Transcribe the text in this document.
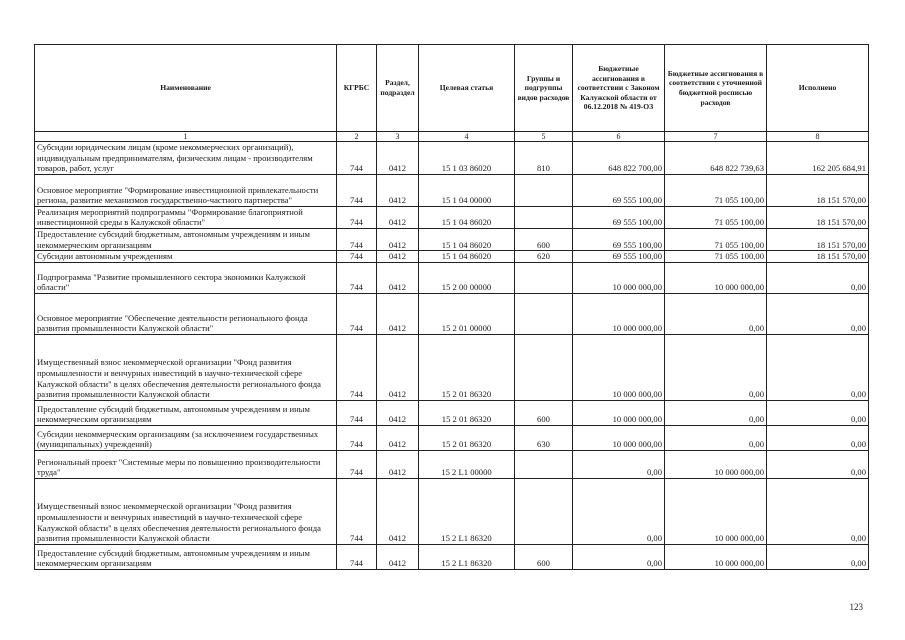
Наименование	КГРБС	Раздел, подраздел	Целевая статья	Группы и подгруппы видов расходов	Бюджетные ассигнования в соответствии с Законом Калужской области от 06.12.2018 № 419-ОЗ	Бюджетные ассигнования в соответствии с уточненной бюджетной росписью расходов	Исполнено
1	2	3	4	5	6	7	8
Субсидии юридическим лицам (кроме некоммерческих организаций), индивидуальным предпринимателям, физическим лицам - производителям товаров, работ, услуг	744	0412	15 1 03 86020	810	648 822 700,00	648 822 739,63	162 205 684,91
Основное мероприятие "Формирование инвестиционной привлекательности региона, развитие механизмов государственно-частного партнерства"	744	0412	15 1 04 00000		69 555 100,00	71 055 100,00	18 151 570,00
Реализация мероприятий подпрограммы "Формирование благоприятной инвестиционной среды в Калужской области"	744	0412	15 1 04 86020		69 555 100,00	71 055 100,00	18 151 570,00
Предоставление субсидий бюджетным, автономным учреждениям и иным некоммерческим организациям	744	0412	15 1 04 86020	600	69 555 100,00	71 055 100,00	18 151 570,00
Субсидии автономным учреждениям	744	0412	15 1 04 86020	620	69 555 100,00	71 055 100,00	18 151 570,00
Подпрограмма "Развитие промышленного сектора экономики Калужской области"	744	0412	15 2 00 00000		10 000 000,00	10 000 000,00	0,00
Основное мероприятие "Обеспечение деятельности регионального фонда развития промышленности Калужской области"	744	0412	15 2 01 00000		10 000 000,00	0,00	0,00
Имущественный взнос некоммерческой организации "Фонд развития промышленности и венчурных инвестиций в научно-технической сфере Калужской области" в целях обеспечения деятельности регионального фонда развития промышленности Калужской области	744	0412	15 2 01 86320		10 000 000,00	0,00	0,00
Предоставление субсидий бюджетным, автономным учреждениям и иным некоммерческим организациям	744	0412	15 2 01 86320	600	10 000 000,00	0,00	0,00
Субсидии некоммерческим организациям (за исключением государственных (муниципальных) учреждений)	744	0412	15 2 01 86320	630	10 000 000,00	0,00	0,00
Региональный проект "Системные меры по повышению производительности труда"	744	0412	15 2 L1 00000		0,00	10 000 000,00	0,00
Имущественный взнос некоммерческой организации "Фонд развития промышленности и венчурных инвестиций в научно-технической сфере Калужской области" в целях обеспечения деятельности регионального фонда развития промышленности Калужской области	744	0412	15 2 L1 86320		0,00	10 000 000,00	0,00
Предоставление субсидий бюджетным, автономным учреждениям и иным некоммерческим организациям	744	0412	15 2 L1 86320	600	0,00	10 000 000,00	0,00
123
